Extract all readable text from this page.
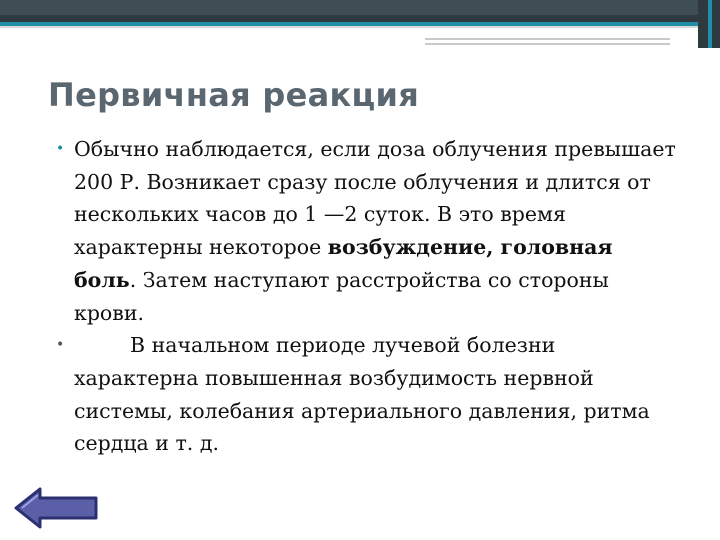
Первичная реакция
• Обычно наблюдается, если доза облучения превышает 200 Р. Возникает сразу после облучения и длится от нескольких часов до 1 —2 суток. В это время характерны некоторое возбуждение, головная боль. Затем наступают расстройства со стороны крови.
•	В начальном периоде лучевой болезни характерна повышенная возбудимость нервной системы, колебания артериального давления, ритма сердца и т. д.
